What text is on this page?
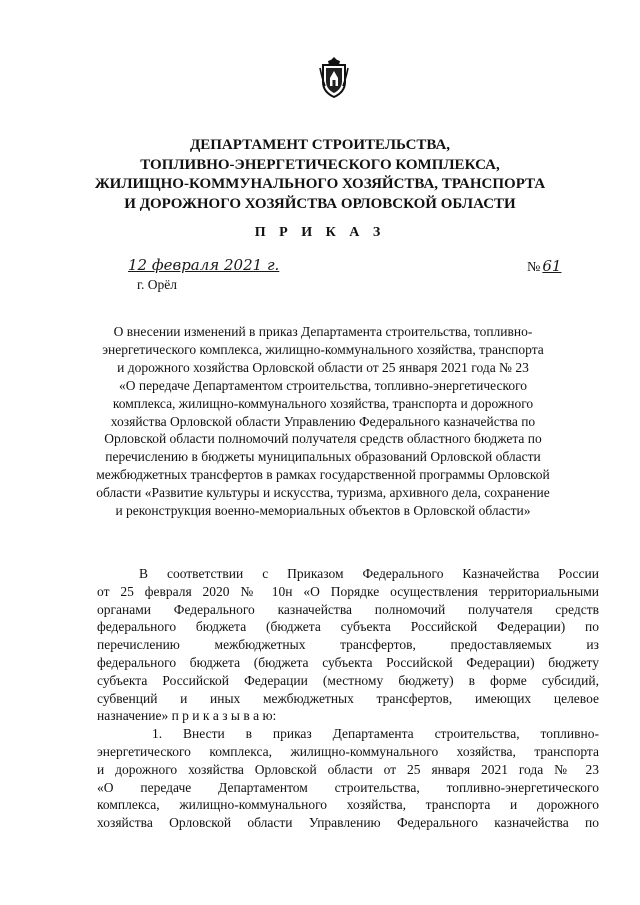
ДЕПАРТАМЕНТ СТРОИТЕЛЬСТВА,
ТОПЛИВНО-ЭНЕРГЕТИЧЕСКОГО КОМПЛЕКСА,
ЖИЛИЩНО-КОММУНАЛЬНОГО ХОЗЯЙСТВА, ТРАНСПОРТА
И ДОРОЖНОГО ХОЗЯЙСТВА ОРЛОВСКОЙ ОБЛАСТИ
П Р И К А З
12 февраля 2021 г.
г. Орёл
№ 61
О внесении изменений в приказ Департамента строительства, топливно-
энергетического комплекса, жилищно-коммунального хозяйства, транспорта
и дорожного хозяйства Орловской области от 25 января 2021 года № 23
«О передаче Департаментом строительства, топливно-энергетического
комплекса, жилищно-коммунального хозяйства, транспорта и дорожного
хозяйства Орловской области Управлению Федерального казначейства по
Орловской области полномочий получателя средств областного бюджета по
перечислению в бюджеты муниципальных образований Орловской области
межбюджетных трансфертов в рамках государственной программы Орловской
области «Развитие культуры и искусства, туризма, архивного дела, сохранение
и реконструкция военно-мемориальных объектов в Орловской области»
В соответствии с Приказом Федерального Казначейства России
от 25 февраля 2020 № 10н «О Порядке осуществления территориальными
органами Федерального казначейства полномочий получателя средств
федерального бюджета (бюджета субъекта Российской Федерации) по
перечислению межбюджетных трансфертов, предоставляемых из
федерального бюджета (бюджета субъекта Российской Федерации) бюджету
субъекта Российской Федерации (местному бюджету) в форме субсидий,
субвенций и иных межбюджетных трансфертов, имеющих целевое
назначение» п р и к а з ы в а ю:
1. Внести в приказ Департамента строительства, топливно-
энергетического комплекса, жилищно-коммунального хозяйства, транспорта
и дорожного хозяйства Орловской области от 25 января 2021 года № 23
«О передаче Департаментом строительства, топливно-энергетического
комплекса, жилищно-коммунального хозяйства, транспорта и дорожного
хозяйства Орловской области Управлению Федерального казначейства по
